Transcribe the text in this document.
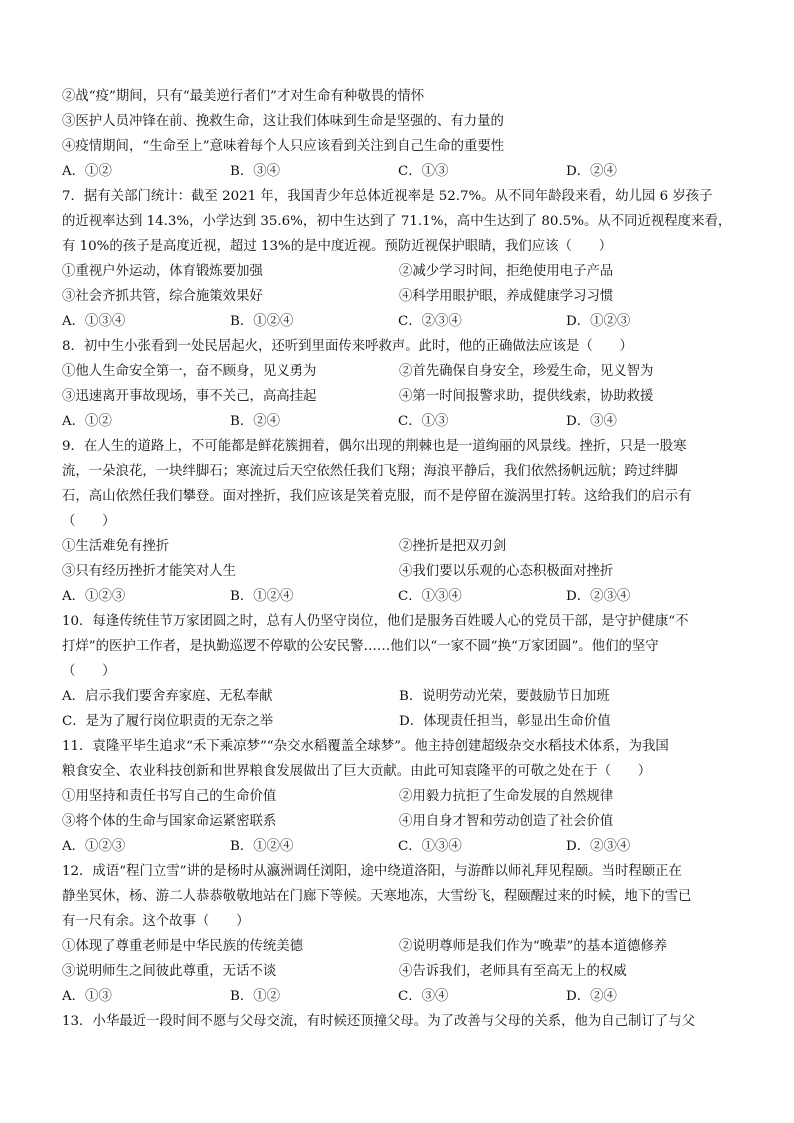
②战“疫”期间，只有“最美逆行者们”才对生命有种敬畏的情怀
③医护人员冲锋在前、挽救生命，这让我们体味到生命是坚强的、有力量的
④疫情期间，“生命至上”意味着每个人只应该看到关注到自己生命的重要性
A．①②	B．③④	C．①③	D．②④
7．据有关部门统计：截至 2021 年，我国青少年总体近视率是 52.7%。从不同年龄段来看，幼儿园 6 岁孩子
的近视率达到 14.3%，小学达到 35.6%，初中生达到了 71.1%，高中生达到了 80.5%。从不同近视程度来看，
有 10%的孩子是高度近视，超过 13%的是中度近视。预防近视保护眼睛，我们应该（　　）
①重视户外运动，体育锻炼要加强	②减少学习时间，拒绝使用电子产品
③社会齐抓共管，综合施策效果好	④科学用眼护眼，养成健康学习习惯
A．①③④	B．①②④	C．②③④	D．①②③
8．初中生小张看到一处民居起火，还听到里面传来呼救声。此时，他的正确做法应该是（　　）
①他人生命安全第一，奋不顾身，见义勇为	②首先确保自身安全，珍爱生命，见义智为
③迅速离开事故现场，事不关己，高高挂起	④第一时间报警求助，提供线索，协助救援
A．①②	B．②④	C．①③	D．③④
9．在人生的道路上，不可能都是鲜花簇拥着，偶尔出现的荆棘也是一道绚丽的风景线。挫折，只是一股寒
流，一朵浪花，一块绊脚石；寒流过后天空依然任我们飞翔；海浪平静后，我们依然扬帆远航；跨过绊脚
石，高山依然任我们攀登。面对挫折，我们应该是笑着克服，而不是停留在漩涡里打转。这给我们的启示有
（　　）
①生活难免有挫折	②挫折是把双刃剑
③只有经历挫折才能笑对人生	④我们要以乐观的心态积极面对挫折
A．①②③	B．①②④	C．①③④	D．②③④
10．每逢传统佳节万家团圆之时，总有人仍坚守岗位，他们是服务百姓暖人心的党员干部，是守护健康“不
打烊”的医护工作者，是执勤巡逻不停歇的公安民警……他们以“一家不圆”换“万家团圆”。他们的坚守
（　　）
A．启示我们要舍弃家庭、无私奉献	B．说明劳动光荣，要鼓励节日加班
C．是为了履行岗位职责的无奈之举	D．体现责任担当，彰显出生命价值
11．袁隆平毕生追求“禾下乘凉梦”“杂交水稻覆盖全球梦”。他主持创建超级杂交水稻技术体系，为我国
粮食安全、农业科技创新和世界粮食发展做出了巨大贡献。由此可知袁隆平的可敬之处在于（　　）
①用坚持和责任书写自己的生命价值	②用毅力抗拒了生命发展的自然规律
③将个体的生命与国家命运紧密联系	④用自身才智和劳动创造了社会价值
A．①②③	B．①②④	C．①③④	D．②③④
12．成语“程门立雪”讲的是杨时从瀛洲调任浏阳，途中绕道洛阳，与游酢以师礼拜见程颐。当时程颐正在
静坐冥休，杨、游二人恭恭敬敬地站在门廊下等候。天寒地冻，大雪纷飞，程颐醒过来的时候，地下的雪已
有一尺有余。这个故事（　　）
①体现了尊重老师是中华民族的传统美德	②说明尊师是我们作为“晚辈”的基本道德修养
③说明师生之间彼此尊重，无话不谈	④告诉我们，老师具有至高无上的权威
A．①③	B．①②	C．③④	D．②④
13．小华最近一段时间不愿与父母交流，有时候还顶撞父母。为了改善与父母的关系，他为自己制订了与父
